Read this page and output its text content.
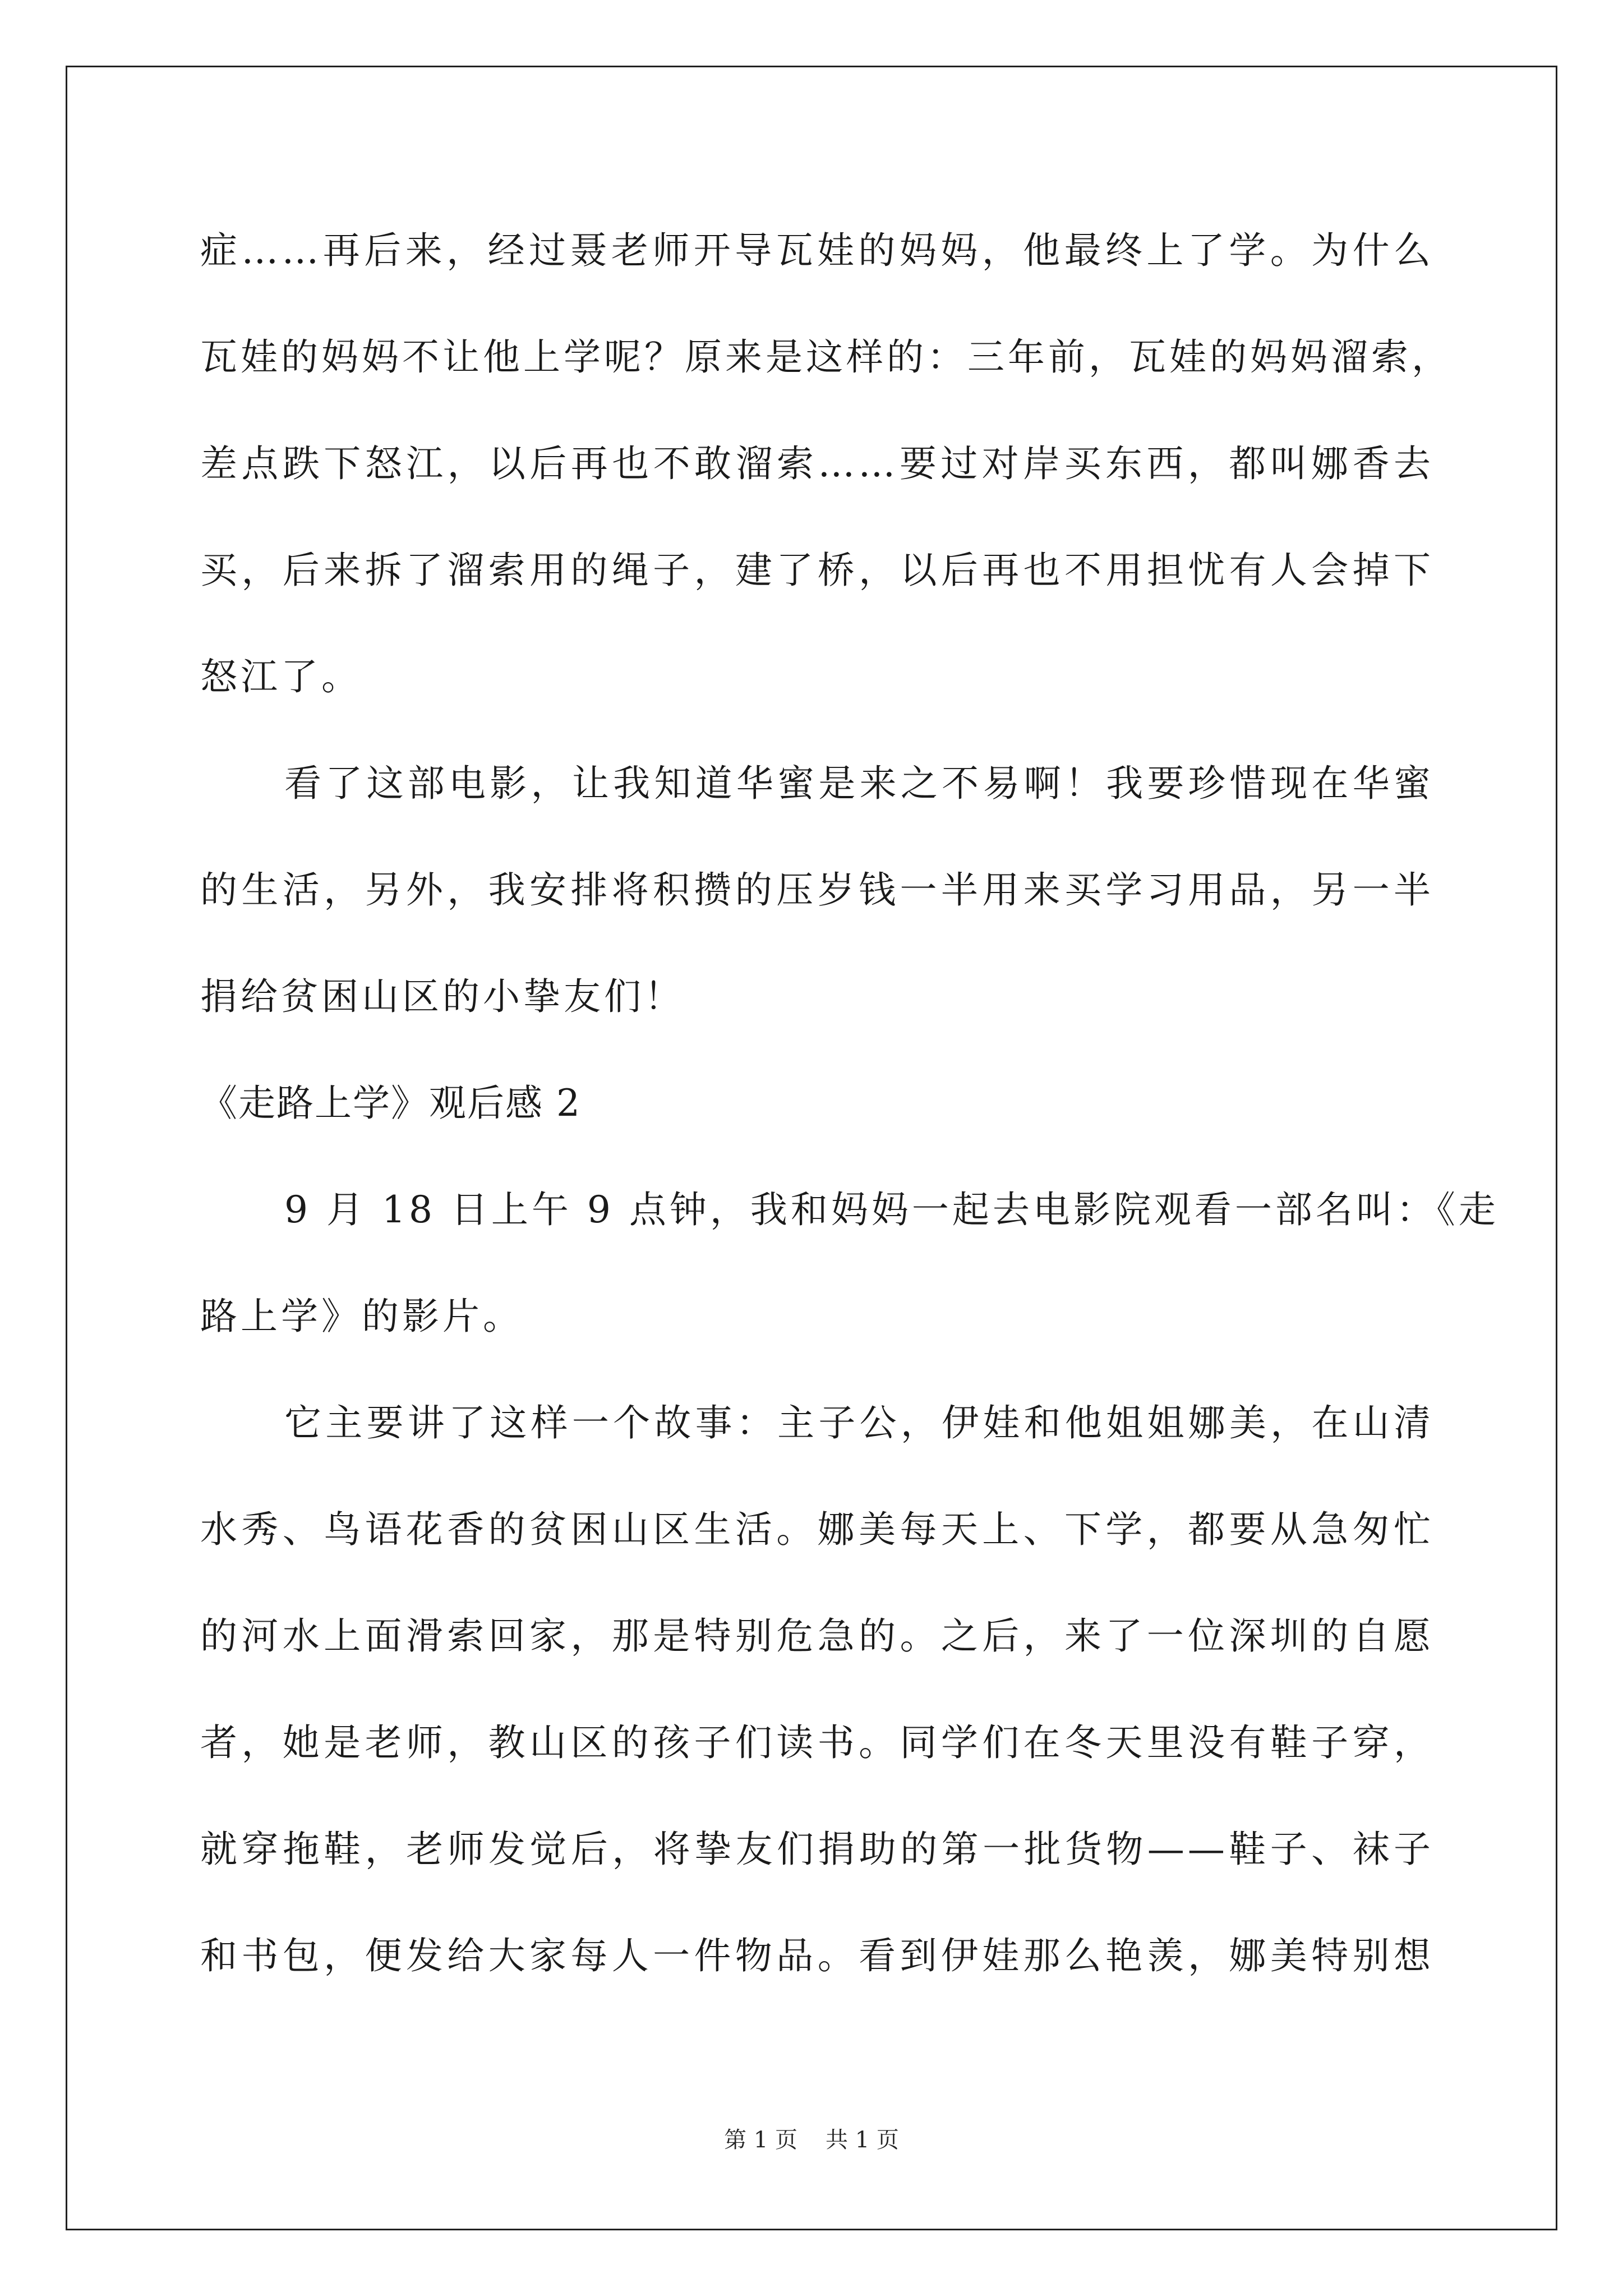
症……再后来，经过聂老师开导瓦娃的妈妈，他最终上了学。为什么
瓦娃的妈妈不让他上学呢？原来是这样的：三年前，瓦娃的妈妈溜索，
差点跌下怒江，以后再也不敢溜索……要过对岸买东西，都叫娜香去
买，后来拆了溜索用的绳子，建了桥，以后再也不用担忧有人会掉下
怒江了。
看了这部电影，让我知道华蜜是来之不易啊！我要珍惜现在华蜜
的生活，另外，我安排将积攒的压岁钱一半用来买学习用品，另一半
捐给贫困山区的小挚友们！
《走路上学》观后感 2
9 月 18 日上午 9 点钟，我和妈妈一起去电影院观看一部名叫：《走
路上学》的影片。
它主要讲了这样一个故事：主子公，伊娃和他姐姐娜美，在山清
水秀、鸟语花香的贫困山区生活。娜美每天上、下学，都要从急匆忙
的河水上面滑索回家，那是特别危急的。之后，来了一位深圳的自愿
者，她是老师，教山区的孩子们读书。同学们在冬天里没有鞋子穿，
就穿拖鞋，老师发觉后，将挚友们捐助的第一批货物——鞋子、袜子
和书包，便发给大家每人一件物品。看到伊娃那么艳羡，娜美特别想
第 1 页 共 1 页
